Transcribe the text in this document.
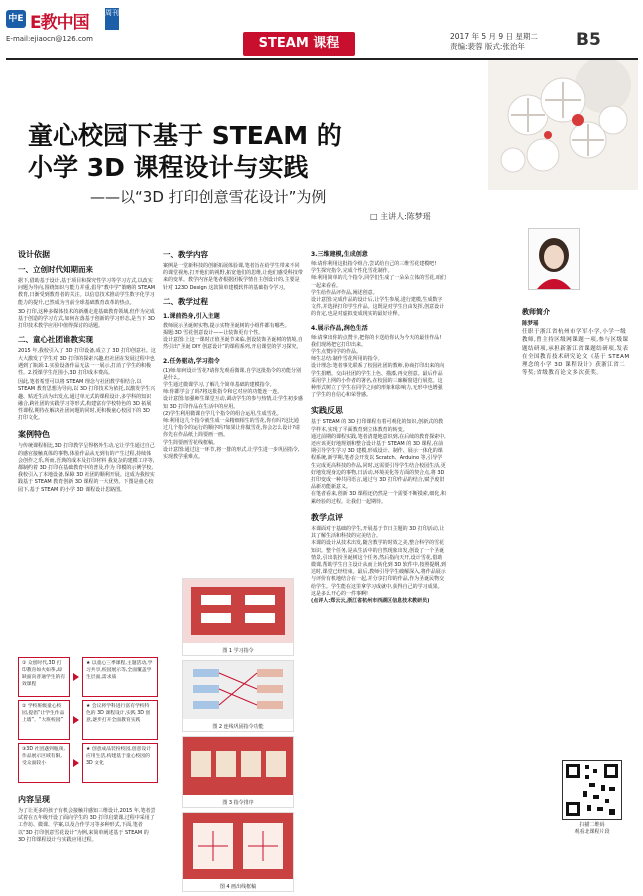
中E E教中国 周刊
E-mail:ejiaocn@126.com	STEAM 课程	2017 年 5 月 9 日 星期二
责编:裴蓉 版式:张治年	B5
童心校园下基于 STEAM 的
小学 3D 课程设计与实践
——以“3D 打印创意雪花设计”为例
□ 主讲人:陈梦瑶
设计依据
一、立创时代知期而来
据下,借助基于设计,基于项目和探究性学习等学习方式,以改实问题为导向,围绕知识与能力并重,倡导“教中学”策略的 STEAM 教育,日渐受到教育者的关注。以信息技术推动学生数字化学习能力的提升,已然成为当前全球基础教育改革的热点。
3D 打印,这种多媒体技术的新潮走进基础教育领域,但作为完成基于创造的学习方式,如何在落基于创新的学习形态,是当下 3D 打印技术教学应用中值得探讨的话题。
二、童心社团谁教实现
2015 年,我校引入了 3D 打印设备,成立了 3D 打印创意社。这大大激发了学生对 3D 打印的探索兴趣,但社团在发展过程中也遇到了瓶颈:1.实验设备作品无法一一展示,打消了学生的积极性。2.授课学生范围小,3D 打印成本费高。
因此,笔者希望可以将 STEAM 理念与社团教学相结合,以 STEAM 教育思想为导向,以 3D 打印技术为依托,以激发学生兴趣、贴近生活为出发点,通过单元式的课程设计,多学科的知识融合,跨社团的实践学习等形式,构建富有学校特色的 3D 拓展性课程,期待在解决社团问题的同时,更积极童心校园下的 3D 打印文化。
案例特色
与传统课程相比,3D 打印教学呈得格外生动,它让学生通过自己的感官接触真体的事物,体验作品从无到有的产生过程,持续体会创作之乐,所而,吾典的成本及打印材料 我复杂的建模工序等,都制约着 3D 打印在基础教育中的普及,作为 印模的示例学校,我校引入了本地设备,保障 3D 社团的顺利开展。这成为我校实践基于 STEAM 教育创新 3D 课程的一大优势。下图是童心校园下,基于 STEAM 的小学 3D 课程设计思路图。
① 众创时代,3D 打印教育如火如荼,却缺面向普通学生的有效课程
★ 以童心三季课程,主题活动,学习共享,校园展示等,全面覆盖学生层面,需求质
② 学校班级童心校园,提倡“让学生作品上墙”、“大班校园”
★ 会议将学科进行富有学校特色的 3D 课程设计,实践 3D 创意,逐步打开全面教育实践
③3D 社团遇到瓶颈,作品展示区域有限,受众面较小
★ 创意成品装扮校园,创意设计应用生活,构建基于童心校园的 3D 文化
内容呈现
为了让更多的孩子有机会接触并感知三维设计,2015 年,笔者尝试着在五年级开设了面向学生的 3D 打印启蒙课,过程中采用了工作坊、微课、学案,以及合作学习等多种形式,下面,笔者以“3D 打印创意雪花设计”为例,来简单阐述基于 STEAM 的 3D 打印课程设计与实践应用过程。
一、教学内容
案例是一堂新科技的创新拓展体验课,笔者旨在给学生带来不同的课堂视角,打开他们的视野,拓宽他们的思维,让他们感受科技带来的变革。教学内容是笔者根据团板学情自主创设计的,主要是针对 123D Design 这款简单建模软件的基础指令学习。
二、教学过程
1.课前热身,引入主题
教师展示圣诞树实物,提示实物圣诞树的小组件都有哪些。
揭题:3D 雪花创意设计——让装饰更有个性。
设计意图:上这一课时正值圣诞节来临,创设装饰圣诞树的情境,自然引出“圣诞 DIY 创意设计”的课程系列,开启课堂的学习探究。
2.任务驱动,学习指令
(1)师:如何设计雪花?请你先观看微课,自学这批指令的功能分别是什么。
学生通过微课学习,了解几个简单基础的建模指令。
师:你都学会了吗?将这批指令和它对应的功能连一连。
设计意图:加强师生课堂互动,调动学生的参与热情,让学生初步感知 3D 打印作品在生活中的应用。
(2)学生利用微课自学几个指令的组合运用,生成雪花。
师:利用这几个指令就生成一朵精细相生的雪花,你有吗?这比通过几个指令的运行的顺序吗?如果让你做雪花,你会怎么设计?请你先在作品纸上简要画一画。
学生简要画雪花线框稿。
设计意图:通过这一环节,将一排的形式,让学生进一步巩固指令,实现教学重难点。
图 1 学习指令
图 2 连线巩固指令功能
图 3 指令排序
图 4 画出线框稿
3.三维建模,生成创意
师:请你利用这批指令组合,尝试给自己的三维雪花建模吧!
学生探究指令,完成个性化雪花制作。
师:利用简单的几个指令,同学们生成了一朵朵立体的雪花,咱们一起来看看。
学生给作品评作品,阐述创意。
设计意图:完成作品的设计后,让学生参展,进行建模,生成数字文件,并选择打印学生作品。这既是对学生自由发挥,创意设计的肯定,也是对虚拟变成现实的最好诠释。
4.展示作品,润色生活
师:请拿出你的点赞卡,把你的卡送给你认为今天的最佳作品!我们现场把它打印出来。
学生点赞同学的作品。
师生总结:制作雪花所用的指令。
设计理念:笔者事先联系了校园社团的教师,协商打印出来的向学生捐赠。交由社团的学生上色、描漆,再交创意。最后作品采用学上网的小作者的署名,在校园的三廊橱窗进行展览。这种形式树立了学生在同学之间的形象和影响力,无形中也增强了学生的自信心和荣誉感。
实践反思
基于 STEAM 的 3D 打印课程有着可观化的知识,创新式的教学样本,实现了平面教育到立体教育的转变。
通过前期的课程实践,笔者清楚地意识到,在后续的教育探索中,还应该更好地规划和整合设计基于 STEAM 的 3D 课程,在前期引导学生学习 3D 建模,形成设计、制作、展示一体化的课程系统,新学期,笔者会开发以 Scratch、Arduino 等,引导学生完成更高科技的作品,同时,这需要引导学生结合校园生活,更好地发现身边的事物,日活动,环境美化等方面的契合点,将 3D 打印变成一种共同语言,通过与 3D 打印作品的结合,赋予废旧品新功能新意义。
在笔者看来,创新 3D 课程还仍然是一个需要不断摸索,细化,积累经验的过程。让我们一起期待。
教学点评
本课面对于基础的学生,开展基于节日主题的 3D 打印活动,让其了解生活和科技的完美结合。
本课的设计从技术出发,随含教学的时效之美,整合科学的雪花知识。整个任务,是从生活中的自然现象出发,创设了一个圣诞情景,引出装扮圣诞树这个任务,然后指向天开,设计雪花,借助微课,帮助学生自主设计从而上转化到 3D 软件中,按照提纲,到达时,课堂已经结束。最后,教师引导学生破解深入,将作品展示与评价有机地结合在一起,并分享打印的作品,作为圣诞民物交给学生。学生能在这里拿学习成就中,获得自己的学习成果。这是多么开心的一件事啊!
(点评人:郑云云,浙江省杭州市西湖区信息技术教研员)
教师简介
陈梦瑶
任职于浙江省杭州市学军小学,小学一级教师,曾主持区级网课题一项,参与区级课题结研项,承担新浙江省课题结研项,发表在全国教育技术研究论文《基于 STEAM 理念的小学 3D 课程设计》获浙江省二等奖;省级教育论文多次获奖。
扫描二维码
观看北课程片段
